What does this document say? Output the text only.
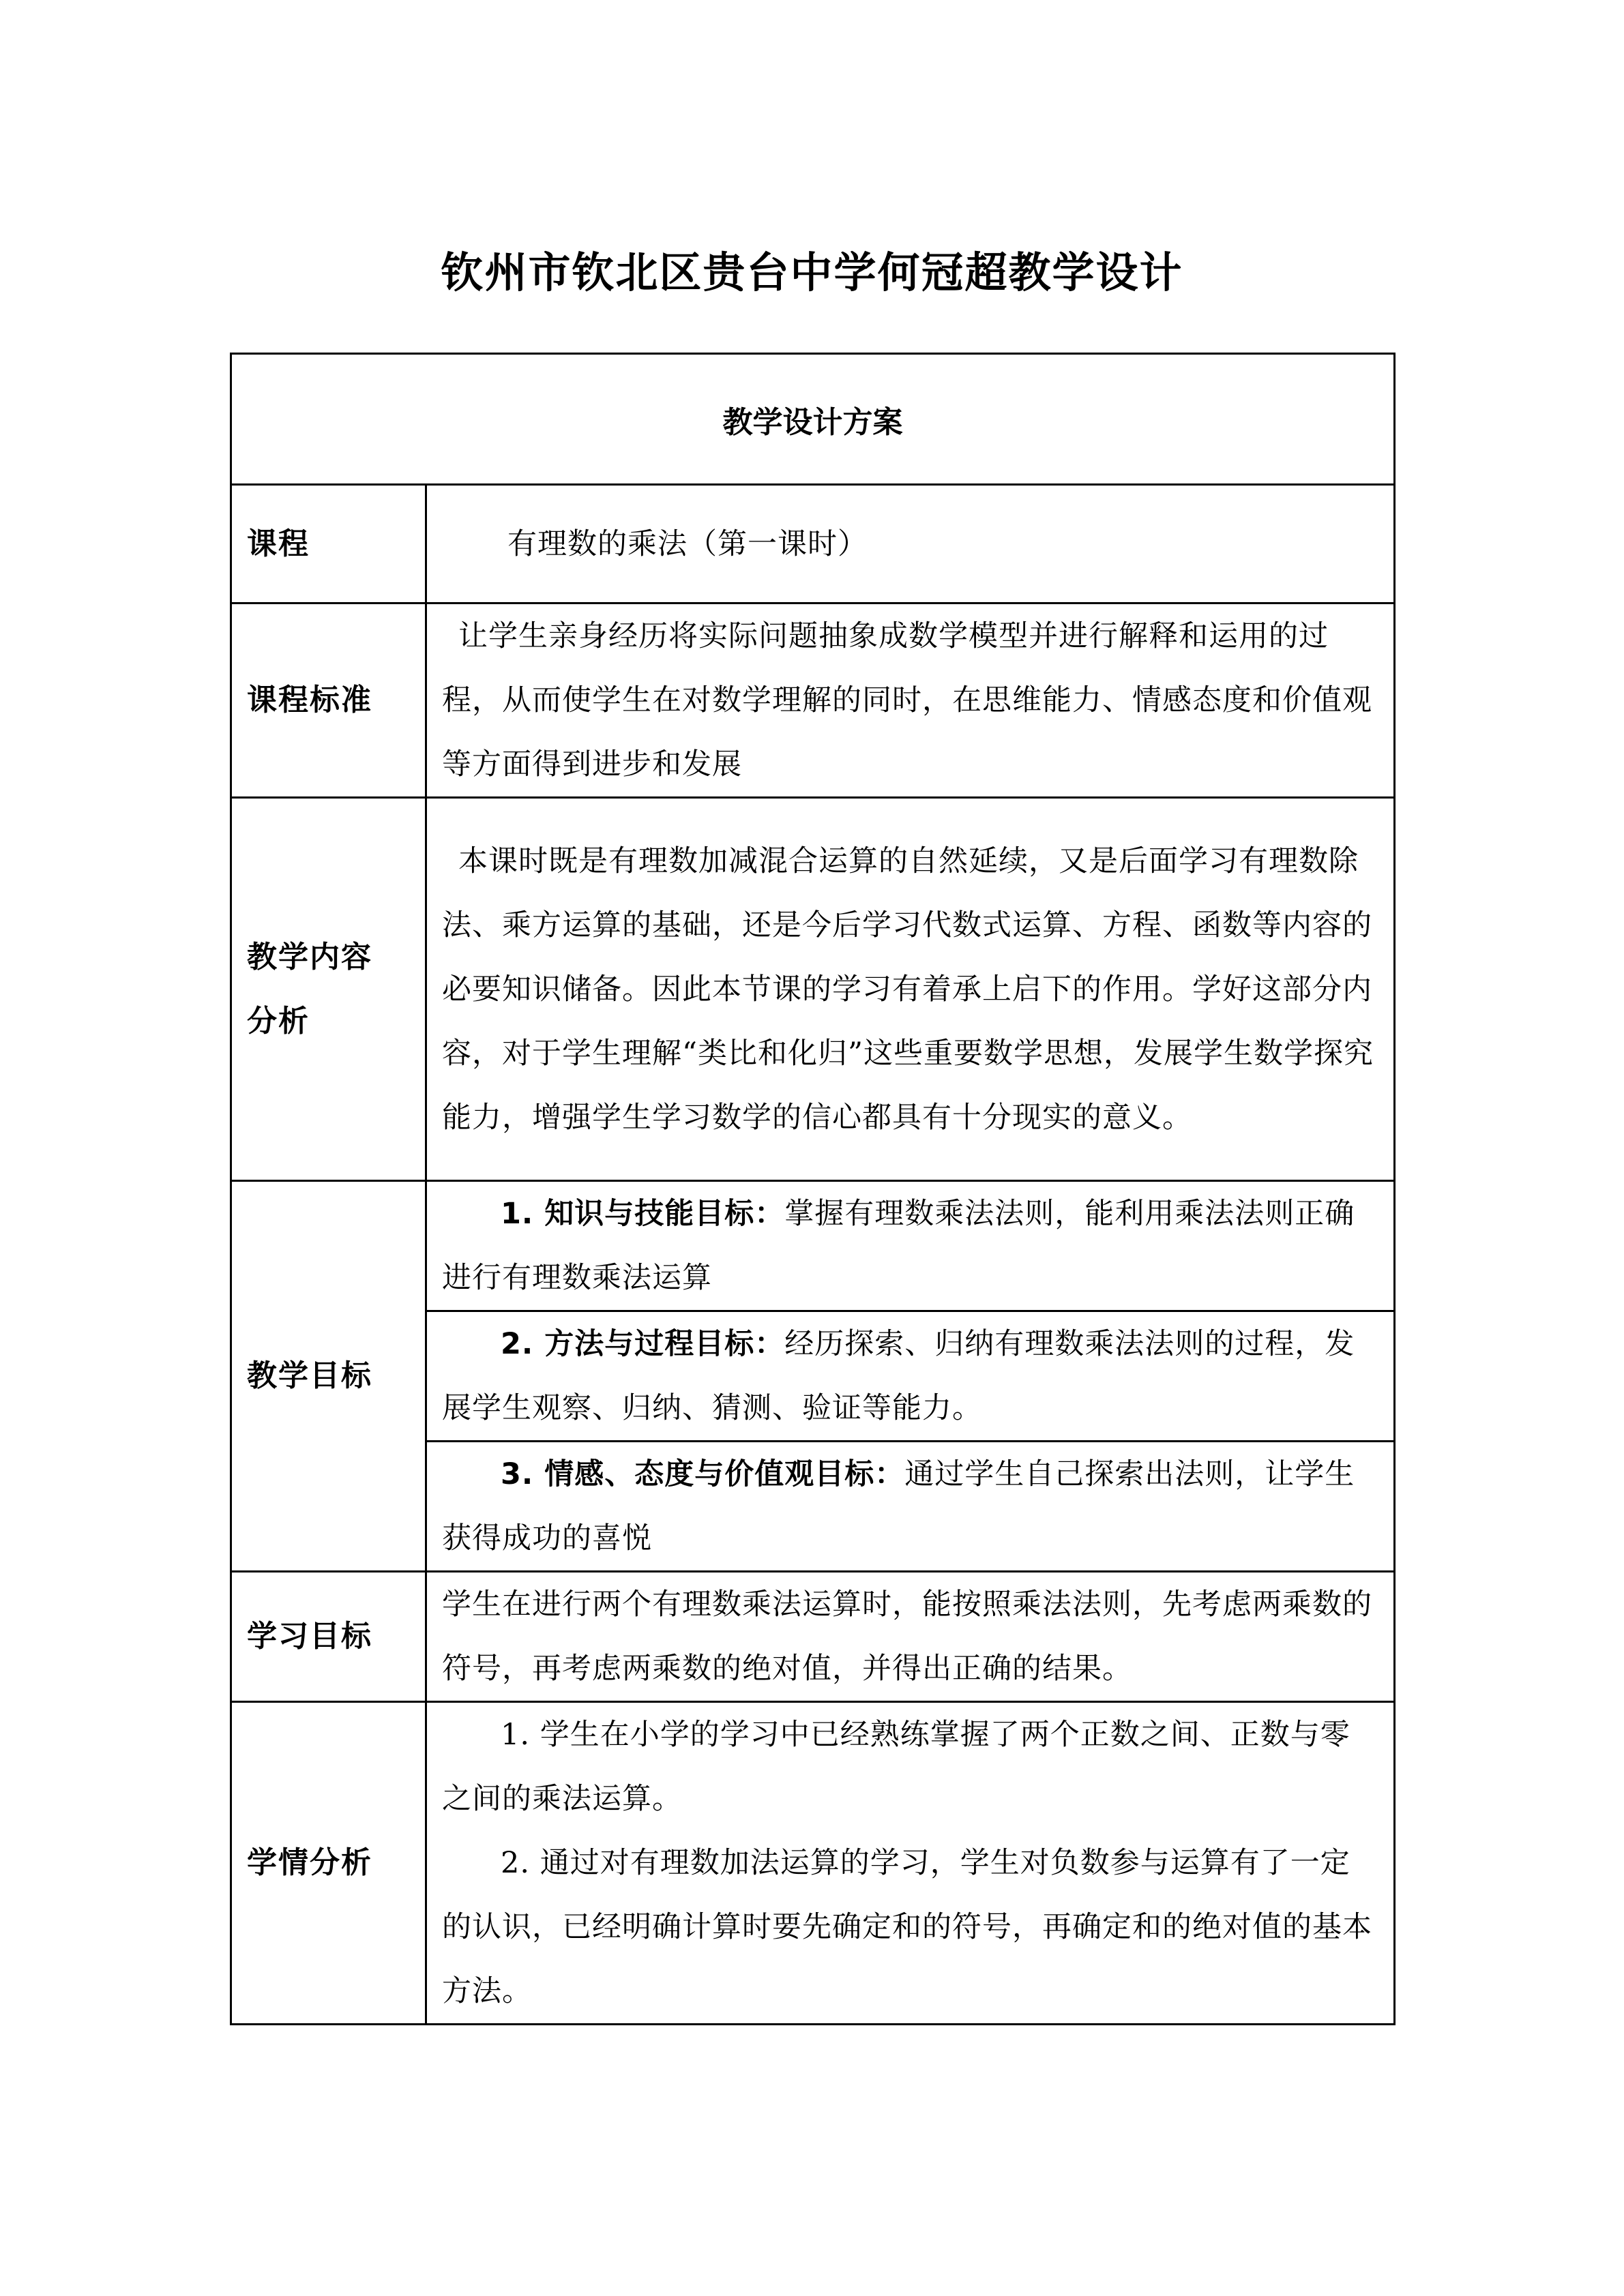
钦州市钦北区贵台中学何冠超教学设计
教学设计方案	
课程	有理数的乘法（第一课时）
课程标准	让学生亲身经历将实际问题抽象成数学模型并进行解释和运用的过程，从而使学生在对数学理解的同时，在思维能力、情感态度和价值观等方面得到进步和发展
教学内容分析	本课时既是有理数加减混合运算的自然延续，又是后面学习有理数除法、乘方运算的基础，还是今后学习代数式运算、方程、函数等内容的必要知识储备。因此本节课的学习有着承上启下的作用。学好这部分内容，对于学生理解“类比和化归”这些重要数学思想，发展学生数学探究能力，增强学生学习数学的信心都具有十分现实的意义。
教学目标	1. 知识与技能目标：掌握有理数乘法法则，能利用乘法法则正确进行有理数乘法运算
	2. 方法与过程目标：经历探索、归纳有理数乘法法则的过程，发展学生观察、归纳、猜测、验证等能力。
	3. 情感、态度与价值观目标：通过学生自己探索出法则，让学生获得成功的喜悦
学习目标	学生在进行两个有理数乘法运算时，能按照乘法法则，先考虑两乘数的符号，再考虑两乘数的绝对值，并得出正确的结果。
学情分析	1. 学生在小学的学习中已经熟练掌握了两个正数之间、正数与零之间的乘法运算。
2. 通过对有理数加法运算的学习，学生对负数参与运算有了一定的认识，已经明确计算时要先确定和的符号，再确定和的绝对值的基本方法。
